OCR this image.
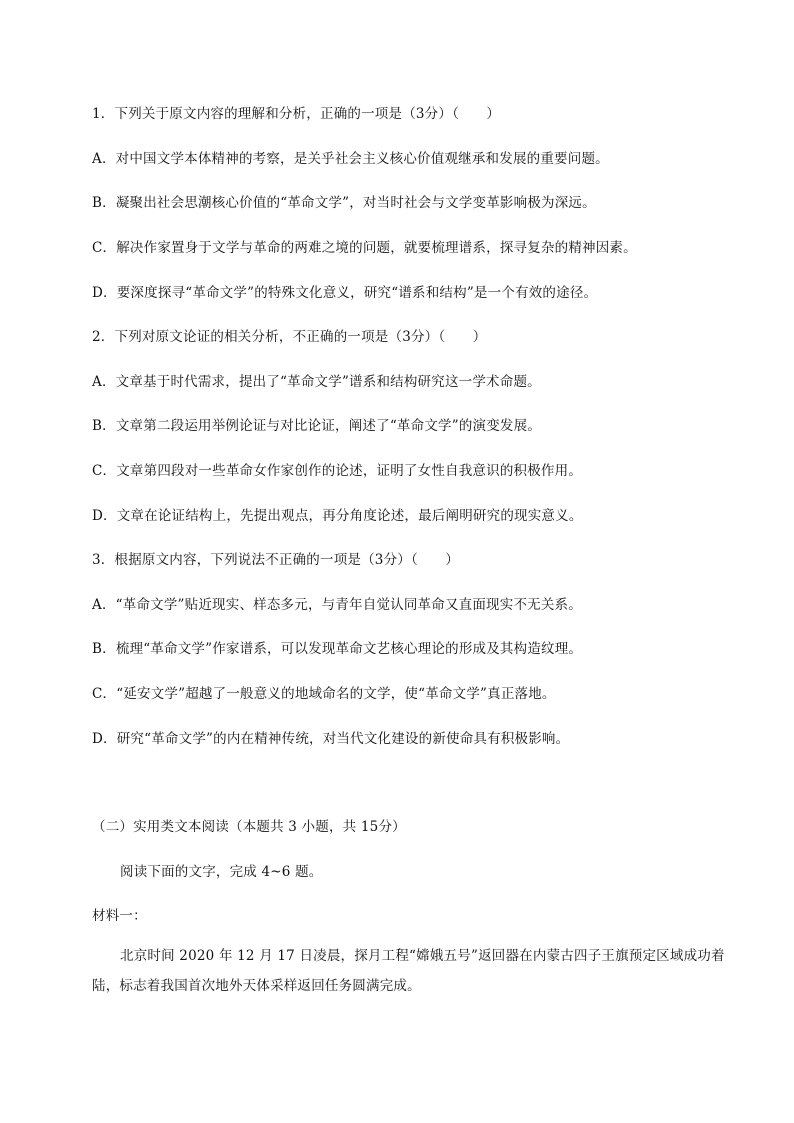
1．下列关于原文内容的理解和分析，正确的一项是（3分）（　　）
A．对中国文学本体精神的考察，是关乎社会主义核心价值观继承和发展的重要问题。
B．凝聚出社会思潮核心价值的“革命文学”，对当时社会与文学变革影响极为深远。
C．解决作家置身于文学与革命的两难之境的问题，就要梳理谱系，探寻复杂的精神因素。
D．要深度探寻“革命文学”的特殊文化意义，研究“谱系和结构”是一个有效的途径。
2．下列对原文论证的相关分析，不正确的一项是（3分）（　　）
A．文章基于时代需求，提出了“革命文学”谱系和结构研究这一学术命题。
B．文章第二段运用举例论证与对比论证，阐述了“革命文学”的演变发展。
C．文章第四段对一些革命女作家创作的论述，证明了女性自我意识的积极作用。
D．文章在论证结构上，先提出观点，再分角度论述，最后阐明研究的现实意义。
3．根据原文内容，下列说法不正确的一项是（3分）（　　）
A．“革命文学”贴近现实、样态多元，与青年自觉认同革命又直面现实不无关系。
B．梳理“革命文学”作家谱系，可以发现革命文艺核心理论的形成及其构造纹理。
C．“延安文学”超越了一般意义的地域命名的文学，使“革命文学”真正落地。
D．研究“革命文学”的内在精神传统，对当代文化建设的新使命具有积极影响。
（二）实用类文本阅读（本题共 3 小题，共 15分）
阅读下面的文字，完成 4~6 题。
材料一：
北京时间 2020 年 12 月 17 日凌晨，探月工程“嫦娥五号”返回器在内蒙古四子王旗预定区域成功着陆，标志着我国首次地外天体采样返回任务圆满完成。
